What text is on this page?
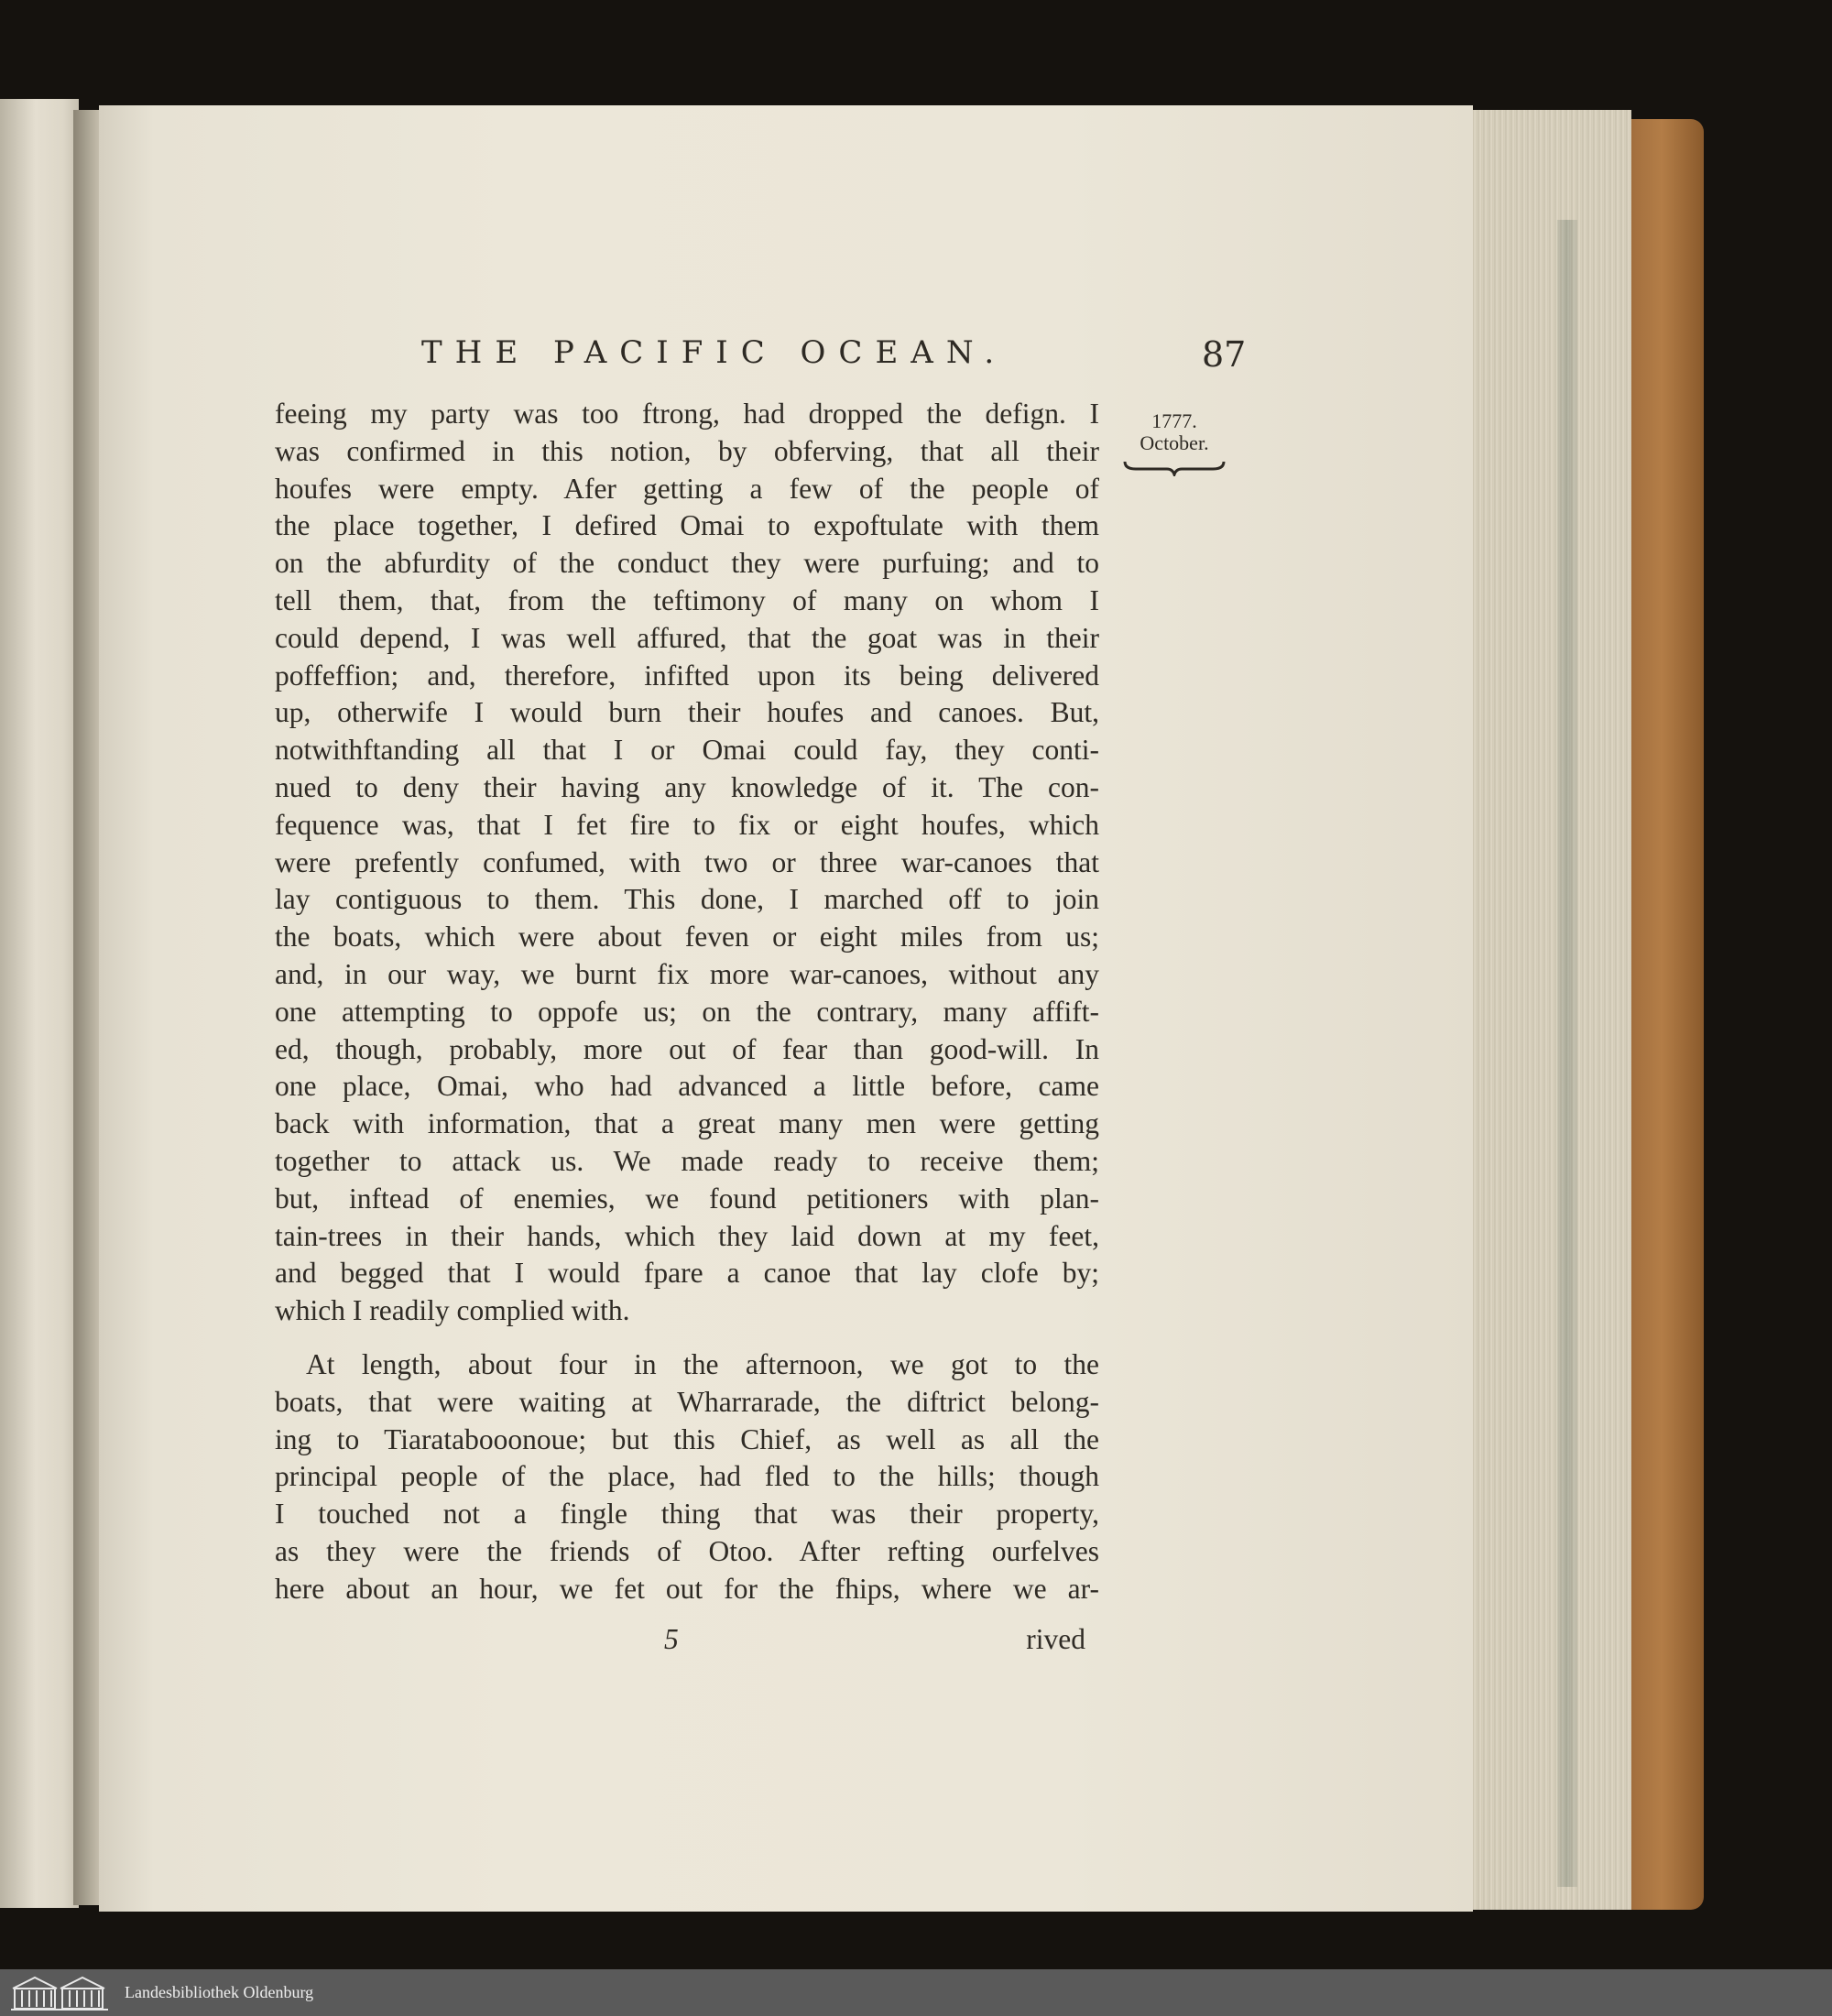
THE PACIFIC OCEAN.	87
1777.
October.
feeing my party was too ftrong, had dropped the defign. I
was confirmed in this notion, by obferving, that all their
houfes were empty. Afer getting a few of the people of
the place together, I defired Omai to expoftulate with them
on the abfurdity of the conduct they were purfuing; and to
tell them, that, from the teftimony of many on whom I
could depend, I was well affured, that the goat was in their
poffeffion; and, therefore, infifted upon its being delivered
up, otherwife I would burn their houfes and canoes. But,
notwithftanding all that I or Omai could fay, they conti-
nued to deny their having any knowledge of it. The con-
fequence was, that I fet fire to fix or eight houfes, which
were prefently confumed, with two or three war-canoes that
lay contiguous to them. This done, I marched off to join
the boats, which were about feven or eight miles from us;
and, in our way, we burnt fix more war-canoes, without any
one attempting to oppofe us; on the contrary, many affift-
ed, though, probably, more out of fear than good-will. In
one place, Omai, who had advanced a little before, came
back with information, that a great many men were getting
together to attack us. We made ready to receive them;
but, inftead of enemies, we found petitioners with plan-
tain-trees in their hands, which they laid down at my feet,
and begged that I would fpare a canoe that lay clofe by;
which I readily complied with.
At length, about four in the afternoon, we got to the
boats, that were waiting at Wharrarade, the diftrict belong-
ing to Tiaratabooonoue; but this Chief, as well as all the
principal people of the place, had fled to the hills; though
I touched not a fingle thing that was their property,
as they were the friends of Otoo. After refting ourfelves
here about an hour, we fet out for the fhips, where we ar-
5	rived
Landesbibliothek Oldenburg
